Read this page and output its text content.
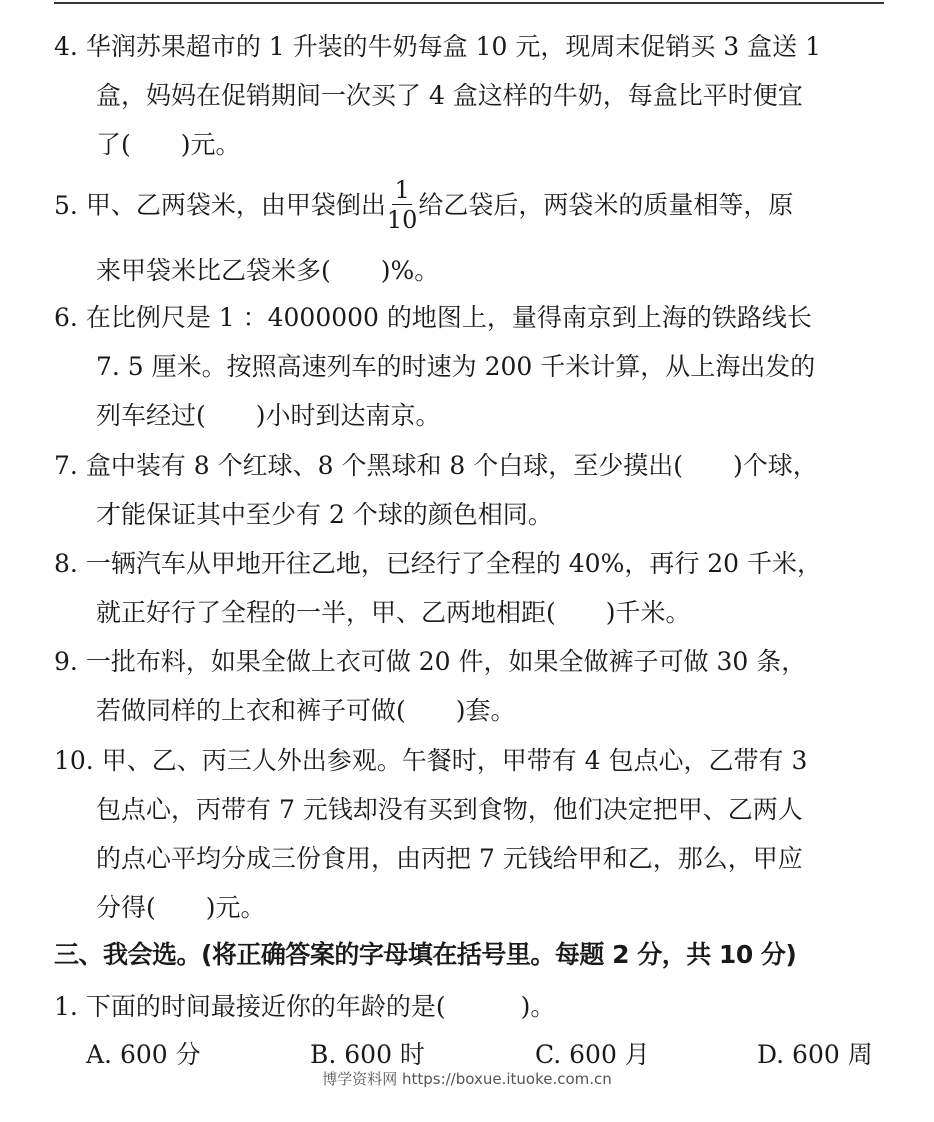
4. 华润苏果超市的 1 升装的牛奶每盒 10 元，现周末促销买 3 盒送 1
盒，妈妈在促销期间一次买了 4 盒这样的牛奶，每盒比平时便宜
了(　　)元。
5. 甲、乙两袋米，由甲袋倒出 $\frac{1}{10}$ 给乙袋后，两袋米的质量相等，原
来甲袋米比乙袋米多(　　)%。
6. 在比例尺是 1 ：4000000 的地图上，量得南京到上海的铁路线长
7. 5 厘米。按照高速列车的时速为 200 千米计算，从上海出发的
列车经过(　　)小时到达南京。
7. 盒中装有 8 个红球、8 个黑球和 8 个白球，至少摸出(　　)个球，
才能保证其中至少有 2 个球的颜色相同。
8. 一辆汽车从甲地开往乙地，已经行了全程的 40%，再行 20 千米，
就正好行了全程的一半，甲、乙两地相距(　　)千米。
9. 一批布料，如果全做上衣可做 20 件，如果全做裤子可做 30 条，
若做同样的上衣和裤子可做(　　)套。
10. 甲、乙、丙三人外出参观。午餐时，甲带有 4 包点心，乙带有 3
包点心，丙带有 7 元钱却没有买到食物，他们决定把甲、乙两人
的点心平均分成三份食用，由丙把 7 元钱给甲和乙，那么，甲应
分得(　　)元。
三、我会选。(将正确答案的字母填在括号里。每题 2 分，共 10 分)
1. 下面的时间最接近你的年龄的是(　　　)。
A. 600 分	B. 600 时	C. 600 月	D. 600 周
博学资料网 https://boxue.ituoke.com.cn
